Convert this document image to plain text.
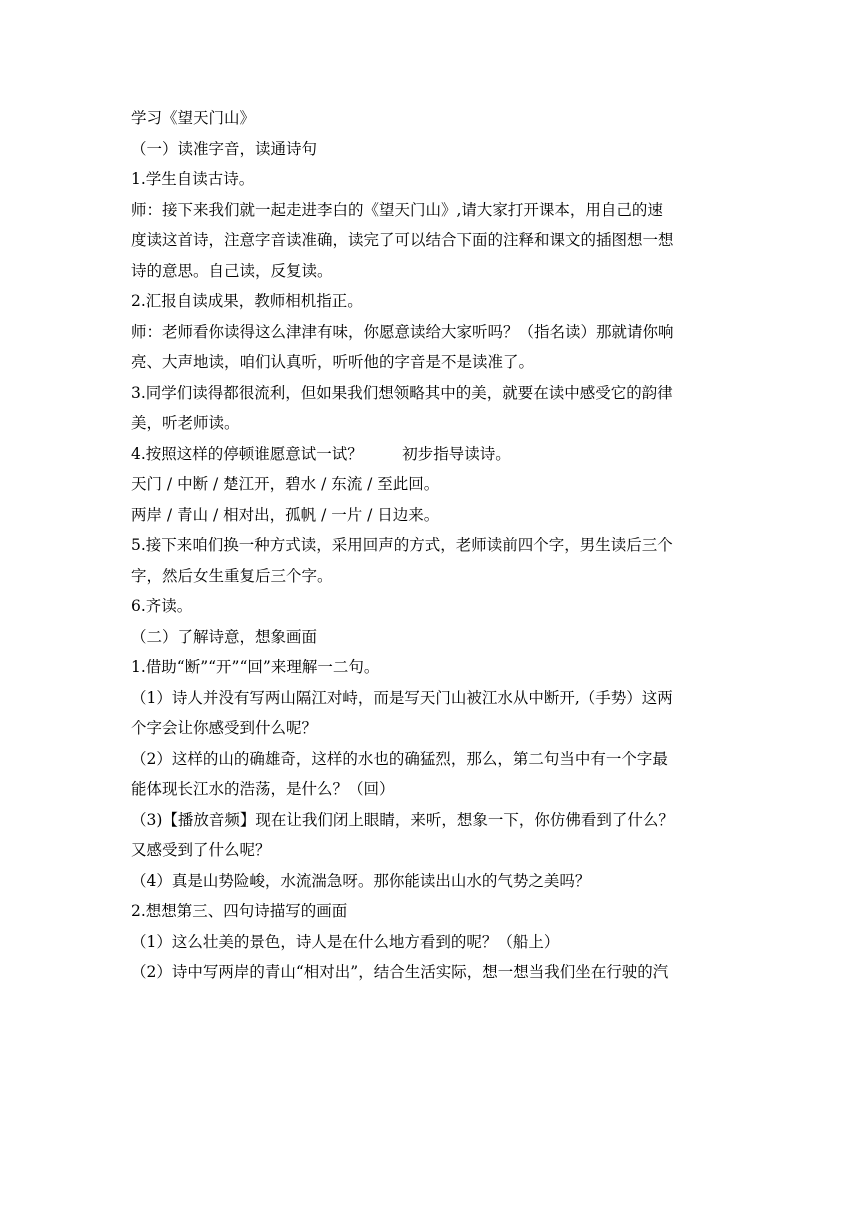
学习《望天门山》
（一）读准字音，读通诗句
1.学生自读古诗。
师：接下来我们就一起走进李白的《望天门山》,请大家打开课本，用自己的速
度读这首诗，注意字音读准确，读完了可以结合下面的注释和课文的插图想一想
诗的意思。自己读，反复读。
2.汇报自读成果，教师相机指正。
师：老师看你读得这么津津有味，你愿意读给大家听吗？（指名读）那就请你响
亮、大声地读，咱们认真听，听听他的字音是不是读准了。
3.同学们读得都很流利，但如果我们想领略其中的美，就要在读中感受它的韵律
美，听老师读。
4.按照这样的停顿谁愿意试一试？        初步指导读诗。
天门 / 中断 / 楚江开，碧水 / 东流 / 至此回。
两岸 / 青山 / 相对出，孤帆 / 一片 / 日边来。
5.接下来咱们换一种方式读，采用回声的方式，老师读前四个字，男生读后三个
字，然后女生重复后三个字。
6.齐读。
（二）了解诗意，想象画面
1.借助“断”“开”“回”来理解一二句。
（1）诗人并没有写两山隔江对峙，而是写天门山被江水从中断开,（手势）这两
个字会让你感受到什么呢？
（2）这样的山的确雄奇，这样的水也的确猛烈，那么，第二句当中有一个字最
能体现长江水的浩荡，是什么？（回）
（3)【播放音频】现在让我们闭上眼睛，来听，想象一下，你仿佛看到了什么？
又感受到了什么呢？
（4）真是山势险峻，水流湍急呀。那你能读出山水的气势之美吗？
2.想想第三、四句诗描写的画面
（1）这么壮美的景色，诗人是在什么地方看到的呢？（船上）
（2）诗中写两岸的青山“相对出”，结合生活实际，想一想当我们坐在行驶的汽
